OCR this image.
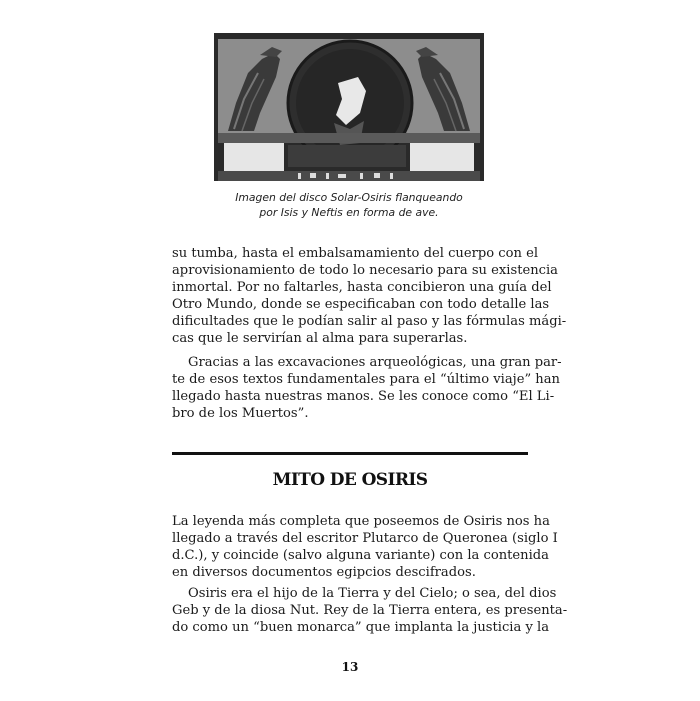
Imagen del disco Solar-Osiris flanqueando
por Isis y Neftis en forma de ave.
su tumba, hasta el embalsamamiento del cuerpo con el
aprovisionamiento de todo lo necesario para su existencia
inmortal. Por no faltarles, hasta concibieron una guía del
Otro Mundo, donde se especificaban con todo detalle las
dificultades que le podían salir al paso y las fórmulas mági-
cas que le servirían al alma para superarlas.
Gracias a las excavaciones arqueológicas, una gran par-
te de esos textos fundamentales para el “último viaje” han
llegado hasta nuestras manos. Se les conoce como “El Li-
bro de los Muertos”.
MITO DE OSIRIS
La leyenda más completa que poseemos de Osiris nos ha
llegado a través del escritor Plutarco de Queronea (siglo I
d.C.), y coincide (salvo alguna variante) con la contenida
en diversos documentos egipcios descifrados.
Osiris era el hijo de la Tierra y del Cielo; o sea, del dios
Geb y de la diosa Nut. Rey de la Tierra entera, es presenta-
do como un “buen monarca” que implanta la justicia y la
13
